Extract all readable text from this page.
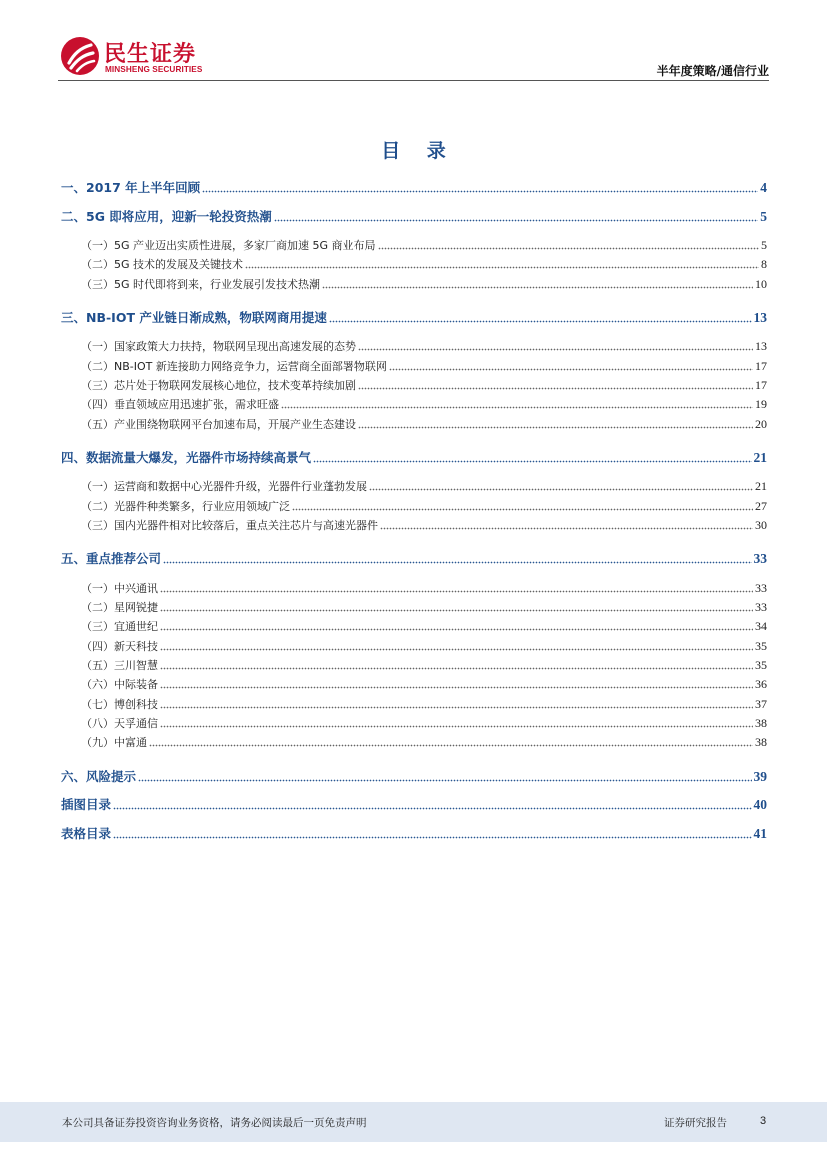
民生证券
MINSHENG SECURITIES	半年度策略/通信行业
目 录
一、2017 年上半年回顾	4
二、5G 即将应用，迎新一轮投资热潮	5
（一）5G 产业迈出实质性进展，多家厂商加速 5G 商业布局	5
（二）5G 技术的发展及关键技术	8
（三）5G 时代即将到来，行业发展引发技术热潮	10
三、NB-IOT 产业链日渐成熟，物联网商用提速	13
（一）国家政策大力扶持，物联网呈现出高速发展的态势	13
（二）NB-IOT 新连接助力网络竞争力，运营商全面部署物联网	17
（三）芯片处于物联网发展核心地位，技术变革持续加剧	17
（四）垂直领域应用迅速扩张，需求旺盛	19
（五）产业围绕物联网平台加速布局，开展产业生态建设	20
四、数据流量大爆发，光器件市场持续高景气	21
（一）运营商和数据中心光器件升级，光器件行业蓬勃发展	21
（二）光器件种类繁多，行业应用领域广泛	27
（三）国内光器件相对比较落后，重点关注芯片与高速光器件	30
五、重点推荐公司	33
（一）中兴通讯	33
（二）星网锐捷	33
（三）宜通世纪	34
（四）新天科技	35
（五）三川智慧	35
（六）中际装备	36
（七）博创科技	37
（八）天孚通信	38
（九）中富通	38
六、风险提示	39
插图目录	40
表格目录	41
本公司具备证券投资咨询业务资格，请务必阅读最后一页免责声明	证券研究报告	3
